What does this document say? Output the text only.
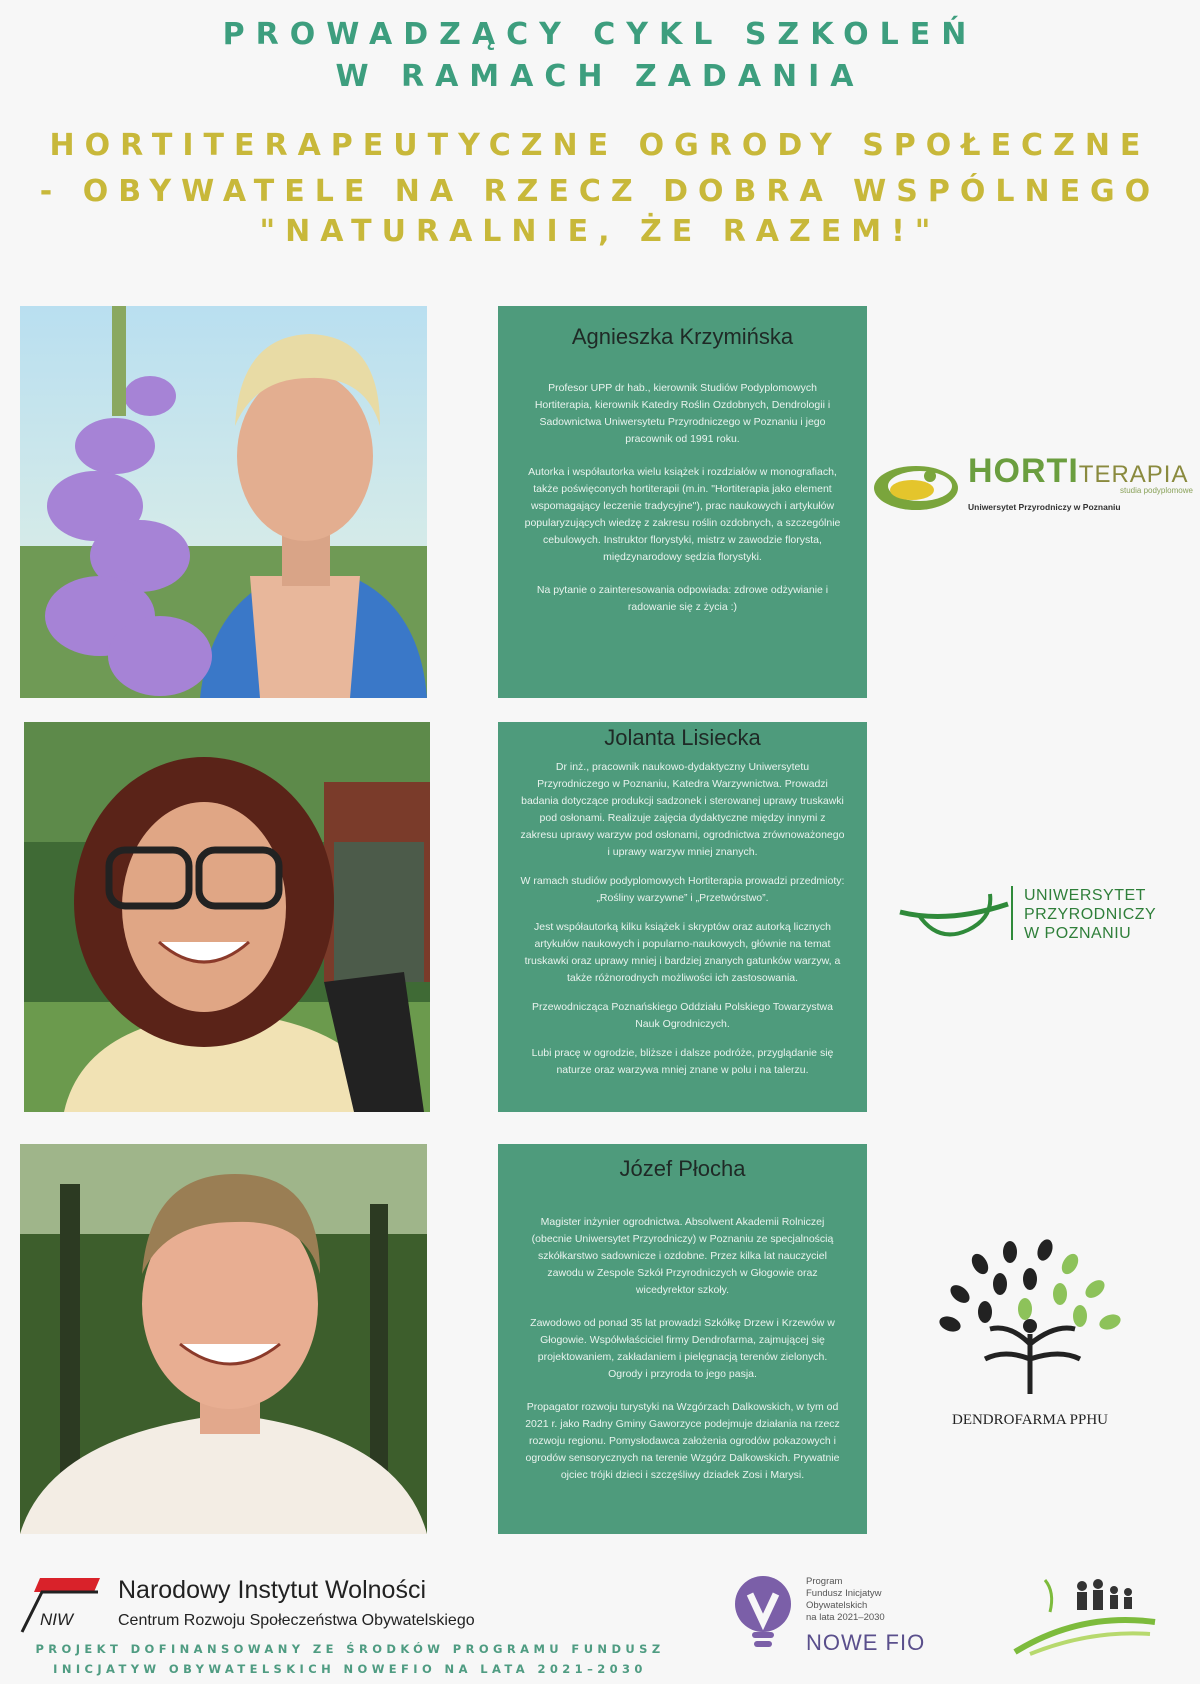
PROWADZĄCY CYKL SZKOLEŃ
W RAMACH ZADANIA
HORTITERAPEUTYCZNE OGRODY SPOŁECZNE
- OBYWATELE NA RZECZ DOBRA WSPÓLNEGO
"NATURALNIE, ŻE RAZEM!"
Agnieszka Krzymińska

Profesor UPP dr hab., kierownik Studiów Podyplomowych Hortiterapia, kierownik Katedry Roślin Ozdobnych, Dendrologii i Sadownictwa Uniwersytetu Przyrodniczego w Poznaniu i jego pracownik od 1991 roku.

Autorka i współautorka wielu książek i rozdziałów w monografiach, także poświęconych hortiterapii (m.in. "Hortiterapia jako element wspomagający leczenie tradycyjne"), prac naukowych i artykułów popularyzujących wiedzę z zakresu roślin ozdobnych, a szczególnie cebulowych. Instruktor florystyki, mistrz w zawodzie florysta, międzynarodowy sędzia florystyki.

Na pytanie o zainteresowania odpowiada: zdrowe odżywianie i radowanie się z życia :)

Jolanta Lisiecka

Dr inż., pracownik naukowo-dydaktyczny Uniwersytetu Przyrodniczego w Poznaniu, Katedra Warzywnictwa. Prowadzi badania dotyczące produkcji sadzonek i sterowanej uprawy truskawki pod osłonami. Realizuje zajęcia dydaktyczne między innymi z zakresu uprawy warzyw pod osłonami, ogrodnictwa zrównoważonego i uprawy warzyw mniej znanych.

W ramach studiów podyplomowych Hortiterapia prowadzi przedmioty: „Rośliny warzywne” i „Przetwórstwo”.

Jest współautorką kilku książek i skryptów oraz autorką licznych artykułów naukowych i popularno-naukowych, głównie na temat truskawki oraz uprawy mniej i bardziej znanych gatunków warzyw, a także różnorodnych możliwości ich zastosowania.

Przewodnicząca Poznańskiego Oddziału Polskiego Towarzystwa Nauk Ogrodniczych.

Lubi pracę w ogrodzie, bliższe i dalsze podróże, przyglądanie się naturze oraz warzywa mniej znane w polu i na talerzu.

Józef Płocha

Magister inżynier ogrodnictwa. Absolwent Akademii Rolniczej (obecnie Uniwersytet Przyrodniczy) w Poznaniu ze specjalnością szkółkarstwo sadownicze i ozdobne. Przez kilka lat nauczyciel zawodu w Zespole Szkół Przyrodniczych w Głogowie oraz wicedyrektor szkoły.

Zawodowo od ponad 35 lat prowadzi Szkółkę Drzew i Krzewów w Głogowie. Współwłaściciel firmy Dendrofarma, zajmującej się projektowaniem, zakładaniem i pielęgnacją terenów zielonych. Ogrody i przyroda to jego pasja.

Propagator rozwoju turystyki na Wzgórzach Dalkowskich, w tym od 2021 r. jako Radny Gminy Gaworzyce podejmuje działania na rzecz rozwoju regionu. Pomysłodawca założenia ogrodów pokazowych i ogrodów sensorycznych na terenie Wzgórz Dalkowskich. Prywatnie ojciec trójki dzieci i szczęśliwy dziadek Zosi i Marysi.

HORTITERAPIA
studia podyplomowe
Uniwersytet Przyrodniczy w Poznaniu
UNIWERSYTET
PRZYRODNICZY
W POZNANIU
DENDROFARMA PPHU
NIW
Narodowy Instytut Wolności
Centrum Rozwoju Społeczeństwa Obywatelskiego
Program
Fundusz Inicjatyw
Obywatelskich
na lata 2021–2030
NOWE FIO
PROJEKT DOFINANSOWANY ZE ŚRODKÓW PROGRAMU FUNDUSZ
INICJATYW OBYWATELSKICH NOWEFIO NA LATA 2021–2030
